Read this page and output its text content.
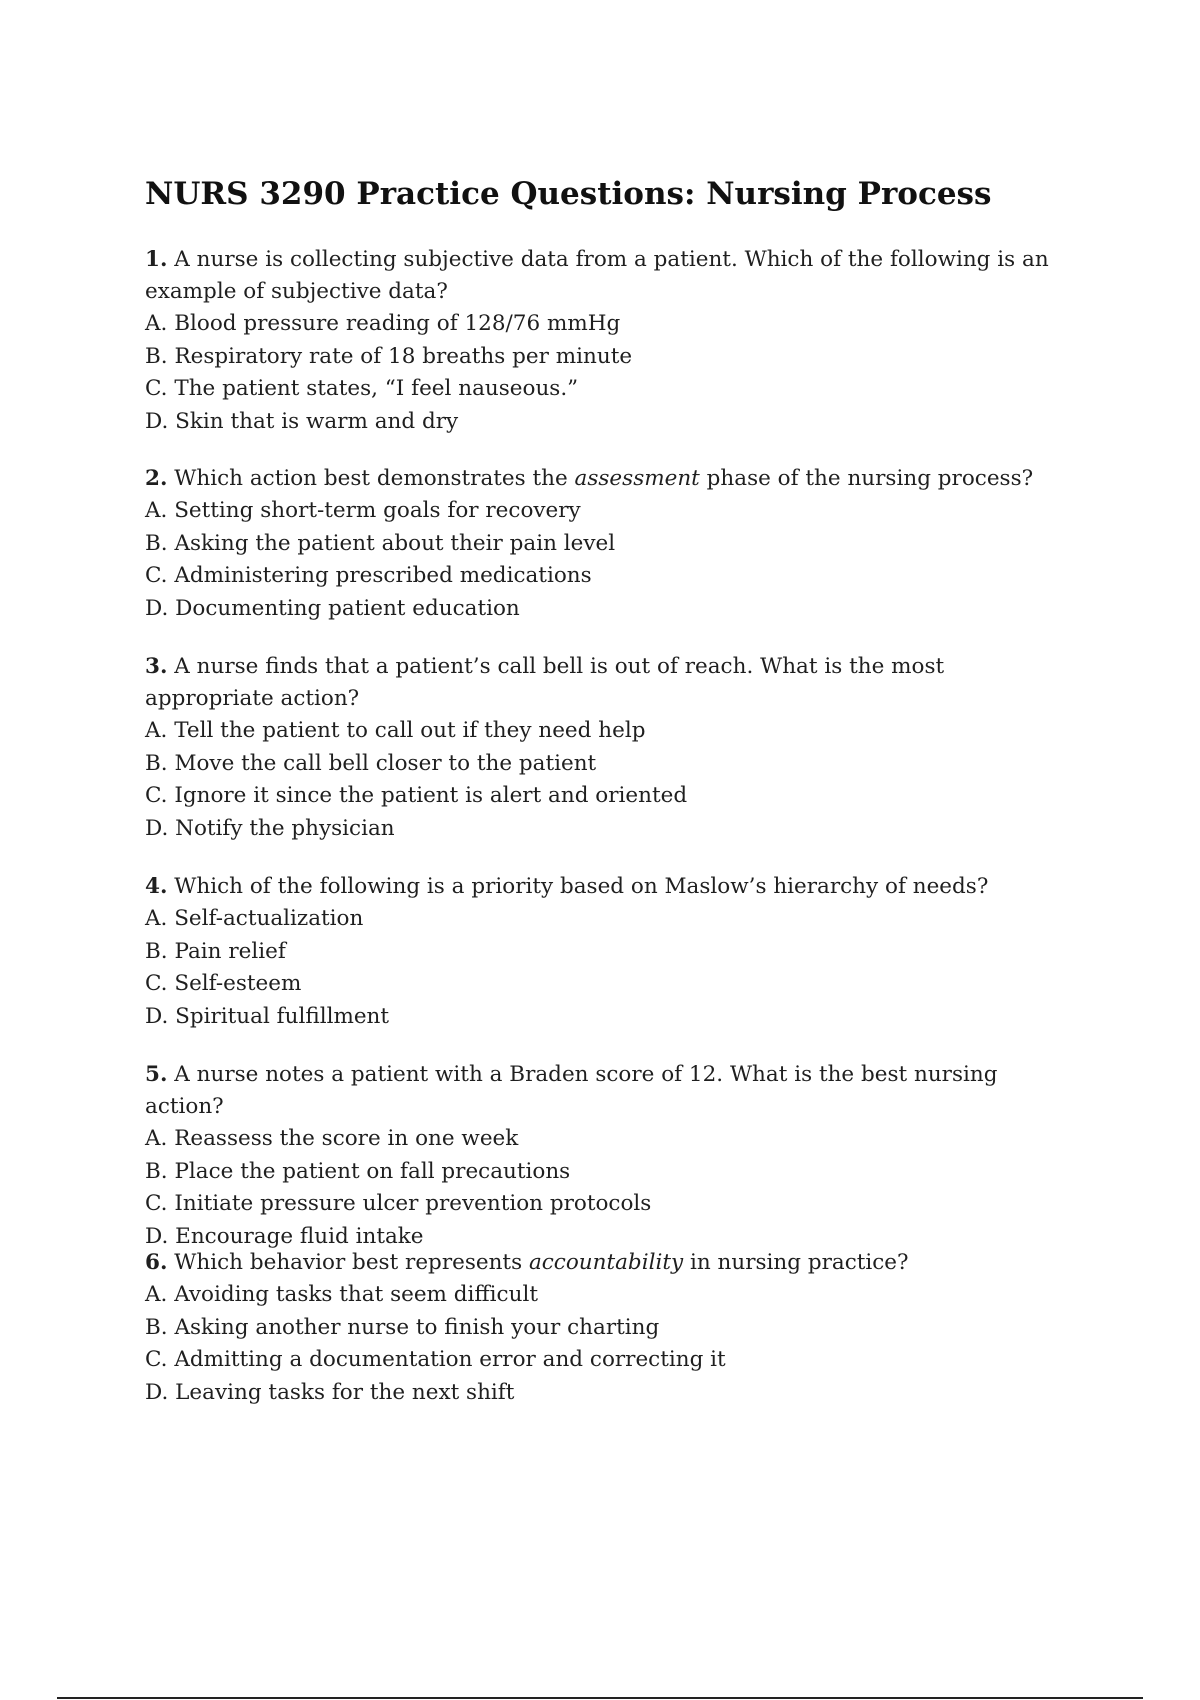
NURS 3290 Practice Questions: Nursing Process

1. A nurse is collecting subjective data from a patient. Which of the following is an example of subjective data?

A. Blood pressure reading of 128/76 mmHg
B. Respiratory rate of 18 breaths per minute
C. The patient states, “I feel nauseous.”
D. Skin that is warm and dry

2. Which action best demonstrates the assessment phase of the nursing process?

A. Setting short-term goals for recovery
B. Asking the patient about their pain level
C. Administering prescribed medications
D. Documenting patient education

3. A nurse finds that a patient’s call bell is out of reach. What is the most appropriate action?

A. Tell the patient to call out if they need help
B. Move the call bell closer to the patient
C. Ignore it since the patient is alert and oriented
D. Notify the physician

4. Which of the following is a priority based on Maslow’s hierarchy of needs?

A. Self-actualization
B. Pain relief
C. Self-esteem
D. Spiritual fulfillment

5. A nurse notes a patient with a Braden score of 12. What is the best nursing action?

A. Reassess the score in one week
B. Place the patient on fall precautions
C. Initiate pressure ulcer prevention protocols
D. Encourage fluid intake

6. Which behavior best represents accountability in nursing practice?

A. Avoiding tasks that seem difficult
B. Asking another nurse to finish your charting
C. Admitting a documentation error and correcting it
D. Leaving tasks for the next shift
